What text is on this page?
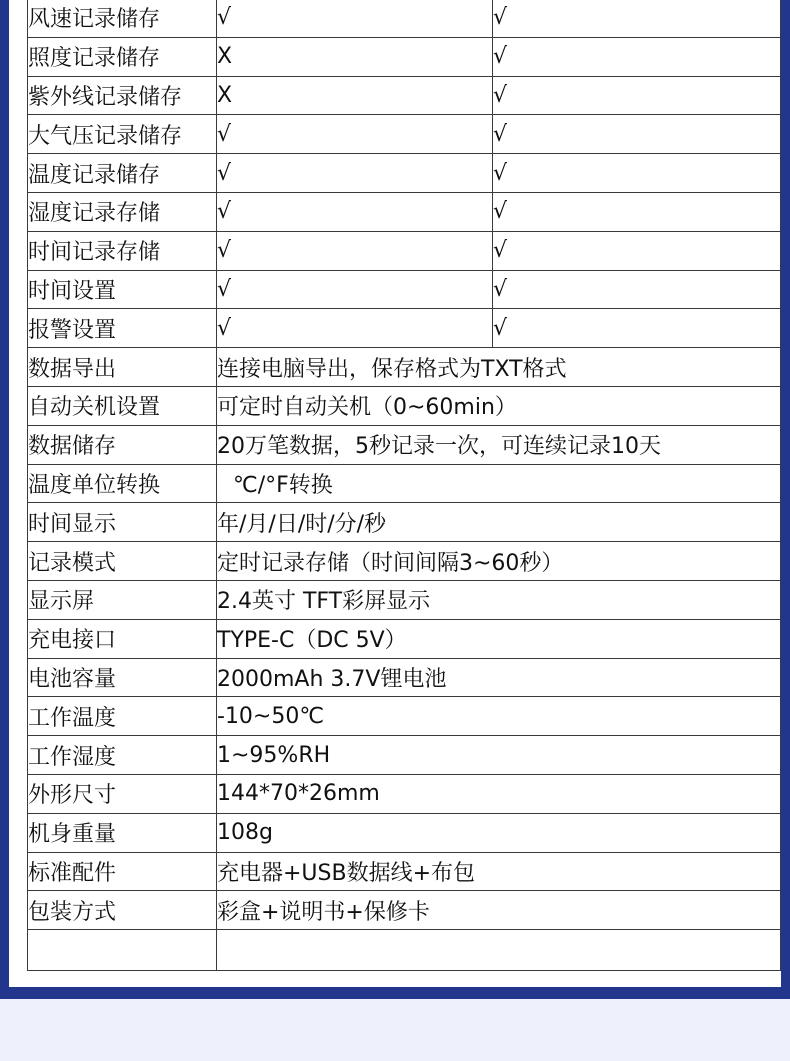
风速记录储存	√	√
照度记录储存	X	√
紫外线记录储存	X	√
大气压记录储存	√	√
温度记录储存	√	√
湿度记录存储	√	√
时间记录存储	√	√
时间设置	√	√
报警设置	√	√
数据导出	连接电脑导出，保存格式为TXT格式	
自动关机设置	可定时自动关机（0~60min）	
数据储存	20万笔数据，5秒记录一次，可连续记录10天	
温度单位转换	℃/°F转换	
时间显示	年/月/日/时/分/秒	
记录模式	定时记录存储（时间间隔3~60秒）	
显示屏	2.4英寸 TFT彩屏显示	
充电接口	TYPE-C（DC 5V）	
电池容量	2000mAh 3.7V锂电池	
工作温度	-10~50℃	
工作湿度	1~95%RH	
外形尺寸	144*70*26mm	
机身重量	108g	
标准配件	充电器+USB数据线+布包	
包装方式	彩盒+说明书+保修卡	
